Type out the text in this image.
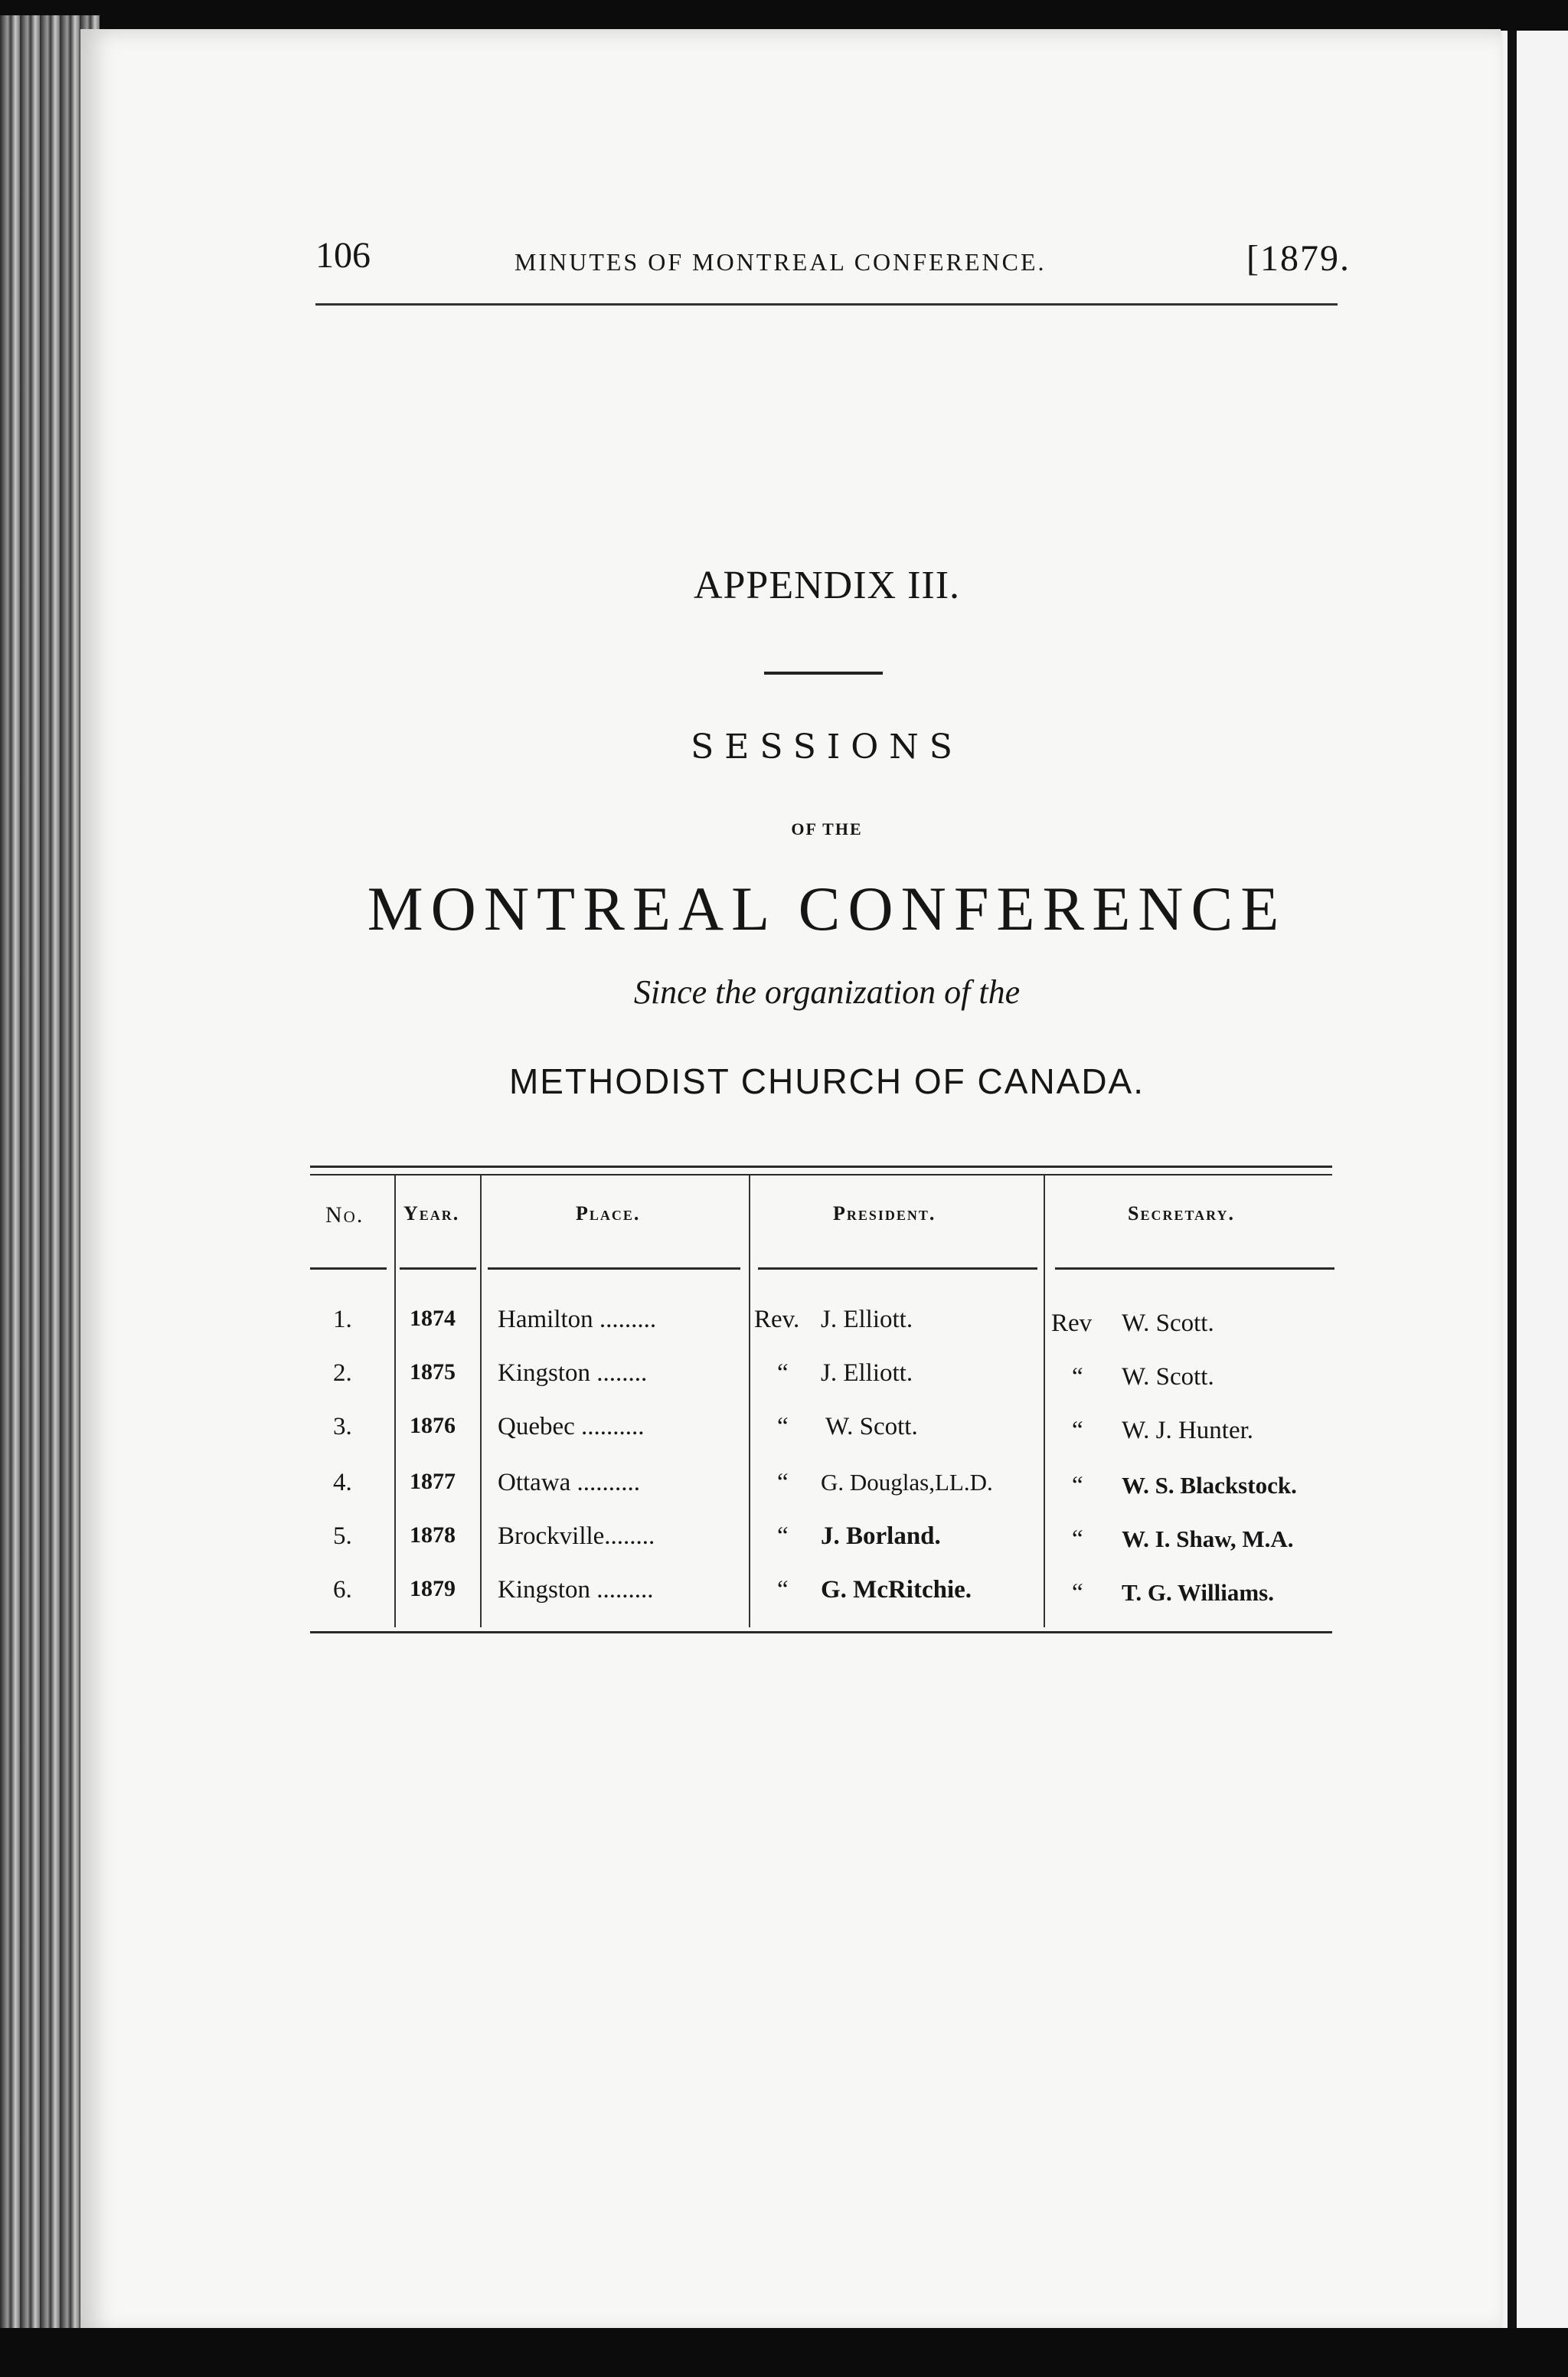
106	MINUTES OF MONTREAL CONFERENCE.	[1879.
APPENDIX III.
SESSIONS
OF THE
MONTREAL CONFERENCE
Since the organization of the
METHODIST CHURCH OF CANADA.
No. Year.	Place.	President.	Secretary.
1.	1874 Hamilton .........	Rev. J. Elliott.	Rev W. Scott.
2.	1875 Kingston ........	“ J. Elliott.	“ W. Scott.
3.	1876 Quebec ..........	“ W. Scott.	“ W. J. Hunter.
4.	1877 Ottawa ..........	“ G. Douglas,LL.D.	“ W. S. Blackstock.
5.	1878 Brockville........	“ J. Borland.	“ W. I. Shaw, M.A.
6.	1879 Kingston .........	“ G. McRitchie.	“ T. G. Williams.
